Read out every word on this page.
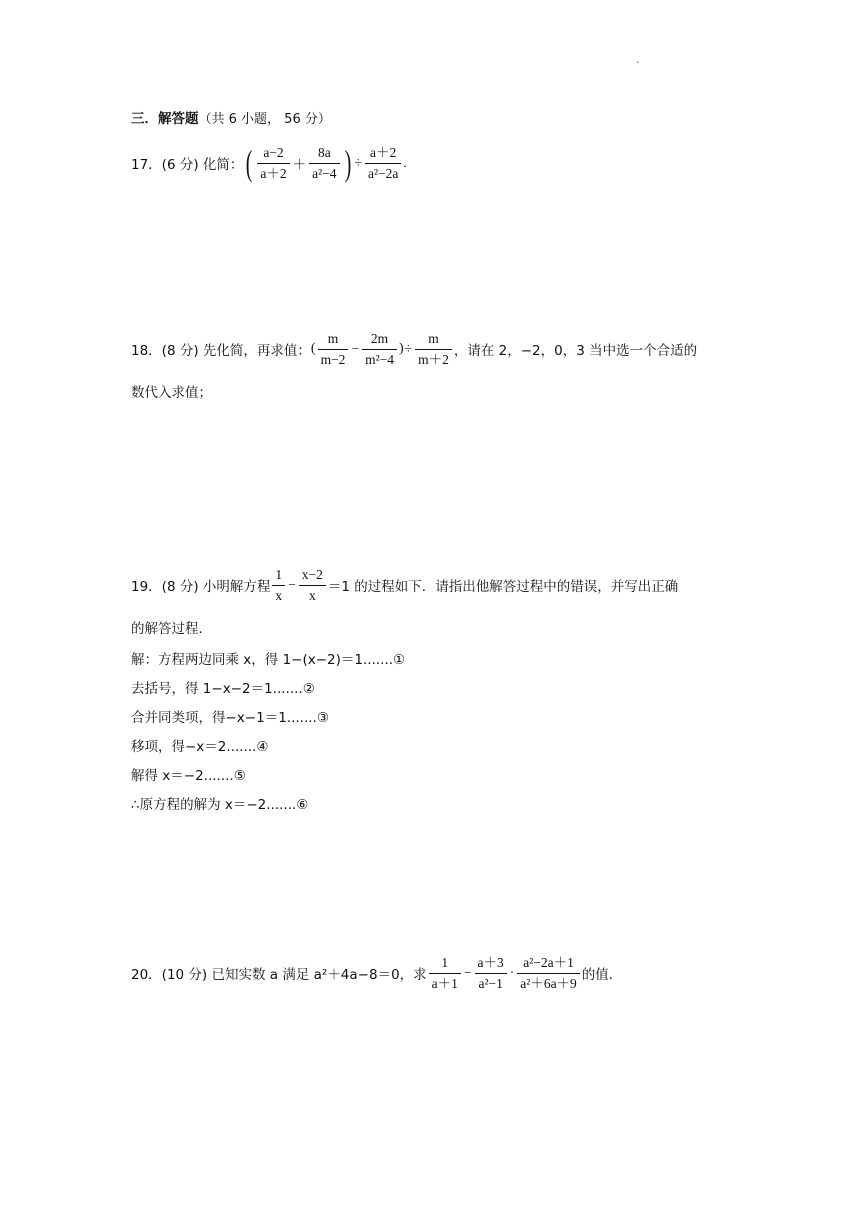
·
三．解答题（共 6 小题， 56 分）
17．(6 分) 化简： ( $\frac{a-2}{a+2} + \frac{8a}{\text{a²−4}}$ ) ÷ $\frac{a+2}{\text{a²−2a}}$ .
18．(8 分) 先化简，再求值： ( $\frac{m}{m-2} - \frac{2m}{\text{m²−4}}$ ) ÷ $\frac{m}{m+2}$ ，请在 2，−2，0，3 当中选一个合适的
数代入求值；
19．(8 分) 小明解方程 $\frac{1}{x} - \frac{x-2}{x} =1$ 的过程如下．请指出他解答过程中的错误，并写出正确
的解答过程．
解：方程两边同乘 x，得 1−(x−2)＝1.......①
去括号，得 1−x−2＝1.......②
合并同类项，得−x−1＝1.......③
移项，得−x＝2.......④
解得 x＝−2.......⑤
∴原方程的解为 x＝−2.......⑥
20．(10 分) 已知实数 a 满足 a²＋4a−8＝0，求 $\frac{1}{a+1} - \frac{a+3}{\text{a²−1}} \cdot \frac{\text{a²−2a＋1}}{\text{a²＋6a＋9}}$ 的值．
